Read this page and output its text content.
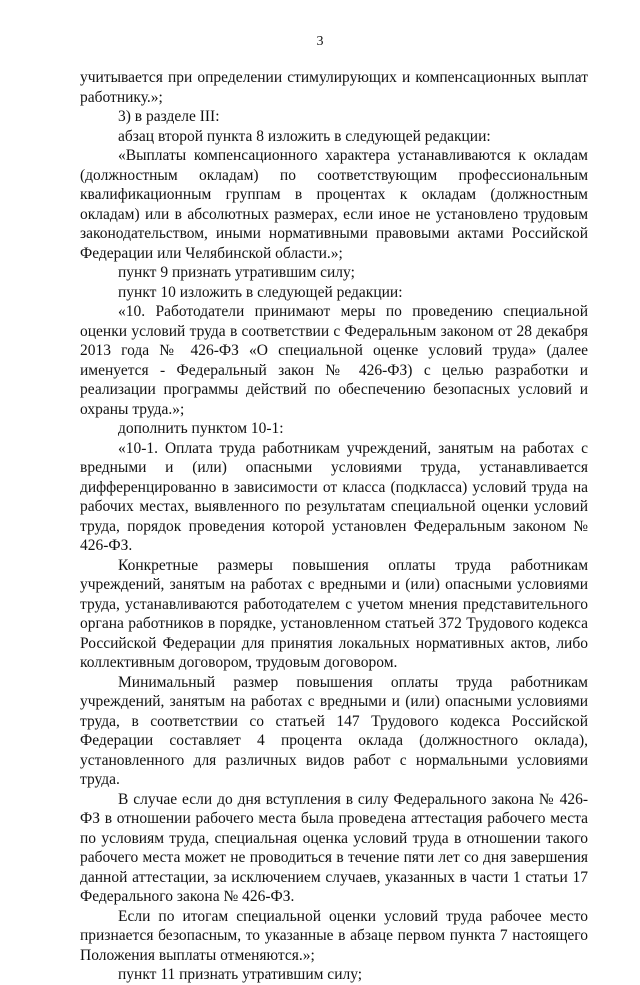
3

учитывается при определении стимулирующих и компенсационных выплат работнику.»;

3) в разделе III:

абзац второй пункта 8 изложить в следующей редакции:

«Выплаты компенсационного характера устанавливаются к окладам (должностным окладам) по соответствующим профессиональным квалификационным группам в процентах к окладам (должностным окладам) или в абсолютных размерах, если иное не установлено трудовым законодательством, иными нормативными правовыми актами Российской Федерации или Челябинской области.»;

пункт 9 признать утратившим силу;

пункт 10 изложить в следующей редакции:

«10. Работодатели принимают меры по проведению специальной оценки условий труда в соответствии с Федеральным законом от 28 декабря 2013 года № 426-ФЗ «О специальной оценке условий труда» (далее именуется - Федеральный закон № 426-ФЗ) с целью разработки и реализации программы действий по обеспечению безопасных условий и охраны труда.»;

дополнить пунктом 10-1:

«10-1. Оплата труда работникам учреждений, занятым на работах с вредными и (или) опасными условиями труда, устанавливается дифференцированно в зависимости от класса (подкласса) условий труда на рабочих местах, выявленного по результатам специальной оценки условий труда, порядок проведения которой установлен Федеральным законом № 426-ФЗ.

Конкретные размеры повышения оплаты труда работникам учреждений, занятым на работах с вредными и (или) опасными условиями труда, устанавливаются работодателем с учетом мнения представительного органа работников в порядке, установленном статьей 372 Трудового кодекса Российской Федерации для принятия локальных нормативных актов, либо коллективным договором, трудовым договором.

Минимальный размер повышения оплаты труда работникам учреждений, занятым на работах с вредными и (или) опасными условиями труда, в соответствии со статьей 147 Трудового кодекса Российской Федерации составляет 4 процента оклада (должностного оклада), установленного для различных видов работ с нормальными условиями труда.

В случае если до дня вступления в силу Федерального закона № 426-ФЗ в отношении рабочего места была проведена аттестация рабочего места по условиям труда, специальная оценка условий труда в отношении такого рабочего места может не проводиться в течение пяти лет со дня завершения данной аттестации, за исключением случаев, указанных в части 1 статьи 17 Федерального закона № 426-ФЗ.

Если по итогам специальной оценки условий труда рабочее место признается безопасным, то указанные в абзаце первом пункта 7 настоящего Положения выплаты отменяются.»;

пункт 11 признать утратившим силу;
